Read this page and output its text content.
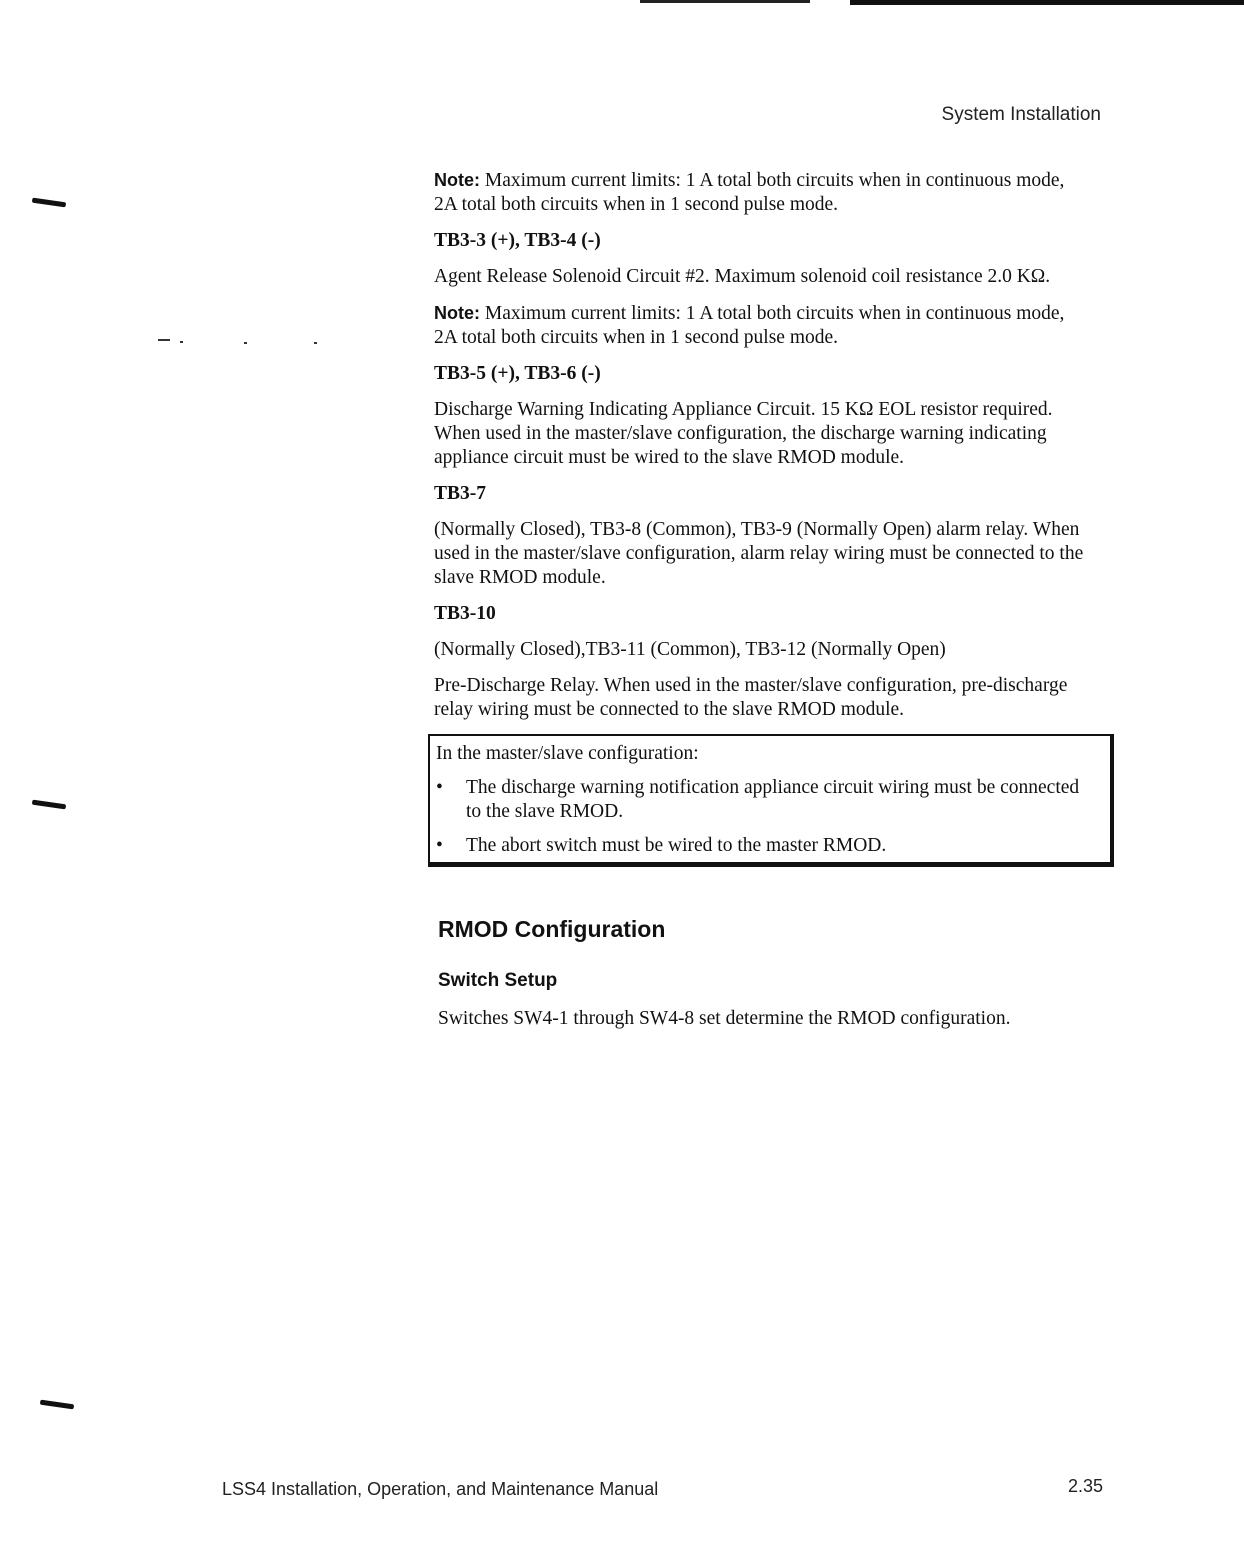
System Installation

Note: Maximum current limits: 1 A total both circuits when in continuous mode, 2A total both circuits when in 1 second pulse mode.

TB3-3 (+), TB3-4 (-)

Agent Release Solenoid Circuit #2. Maximum solenoid coil resistance 2.0 KΩ.

Note: Maximum current limits: 1 A total both circuits when in continuous mode, 2A total both circuits when in 1 second pulse mode.

TB3-5 (+), TB3-6 (-)

Discharge Warning Indicating Appliance Circuit. 15 KΩ EOL resistor required. When used in the master/slave configuration, the discharge warning indicating appliance circuit must be wired to the slave RMOD module.

TB3-7

(Normally Closed), TB3-8 (Common), TB3-9 (Normally Open) alarm relay. When used in the master/slave configuration, alarm relay wiring must be connected to the slave RMOD module.

TB3-10

(Normally Closed),TB3-11 (Common), TB3-12 (Normally Open)

Pre-Discharge Relay. When used in the master/slave configuration, pre-discharge relay wiring must be connected to the slave RMOD module.

In the master/slave configuration:

• The discharge warning notification appliance circuit wiring must be connected to the slave RMOD.
• The abort switch must be wired to the master RMOD.
RMOD Configuration
Switch Setup

Switches SW4-1 through SW4-8 set determine the RMOD configuration.

LSS4 Installation, Operation, and Maintenance Manual	2.35
